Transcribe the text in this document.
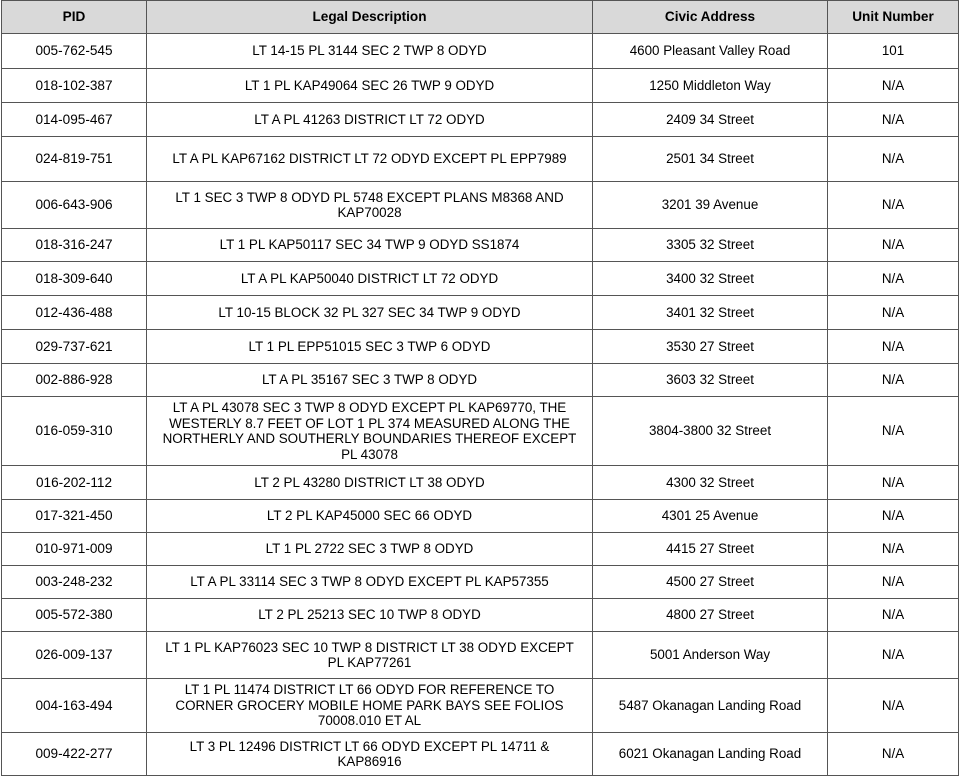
PID	Legal Description	Civic Address	Unit Number
005-762-545	LT 14-15 PL 3144 SEC 2 TWP 8 ODYD	4600 Pleasant Valley Road	101
018-102-387	LT 1 PL KAP49064 SEC 26 TWP 9 ODYD	1250 Middleton Way	N/A
014-095-467	LT A PL 41263 DISTRICT LT 72 ODYD	2409 34 Street	N/A
024-819-751	LT A PL KAP67162 DISTRICT LT 72 ODYD EXCEPT PL EPP7989	2501 34 Street	N/A
006-643-906	LT 1 SEC 3 TWP 8 ODYD PL 5748 EXCEPT PLANS M8368 AND KAP70028	3201 39 Avenue	N/A
018-316-247	LT 1 PL KAP50117 SEC 34 TWP 9 ODYD SS1874	3305 32 Street	N/A
018-309-640	LT A PL KAP50040 DISTRICT LT 72 ODYD	3400 32 Street	N/A
012-436-488	LT 10-15 BLOCK 32 PL 327 SEC 34 TWP 9 ODYD	3401 32 Street	N/A
029-737-621	LT 1 PL EPP51015 SEC 3 TWP 6 ODYD	3530 27 Street	N/A
002-886-928	LT A PL 35167 SEC 3 TWP 8 ODYD	3603 32 Street	N/A
016-059-310	LT A PL 43078 SEC 3 TWP 8 ODYD EXCEPT PL KAP69770, THE WESTERLY 8.7 FEET OF LOT 1 PL 374 MEASURED ALONG THE NORTHERLY AND SOUTHERLY BOUNDARIES THEREOF EXCEPT PL 43078	3804-3800 32 Street	N/A
016-202-112	LT 2 PL 43280 DISTRICT LT 38 ODYD	4300 32 Street	N/A
017-321-450	LT 2 PL KAP45000 SEC 66 ODYD	4301 25 Avenue	N/A
010-971-009	LT 1 PL 2722 SEC 3 TWP 8 ODYD	4415 27 Street	N/A
003-248-232	LT A PL 33114 SEC 3 TWP 8 ODYD EXCEPT PL KAP57355	4500 27 Street	N/A
005-572-380	LT 2 PL 25213 SEC 10 TWP 8 ODYD	4800 27 Street	N/A
026-009-137	LT 1 PL KAP76023 SEC 10 TWP 8 DISTRICT LT 38 ODYD EXCEPT PL KAP77261	5001 Anderson Way	N/A
004-163-494	LT 1 PL 11474 DISTRICT LT 66 ODYD FOR REFERENCE TO CORNER GROCERY MOBILE HOME PARK BAYS SEE FOLIOS 70008.010 ET AL	5487 Okanagan Landing Road	N/A
009-422-277	LT 3 PL 12496 DISTRICT LT 66 ODYD EXCEPT PL 14711 & KAP86916	6021 Okanagan Landing Road	N/A
